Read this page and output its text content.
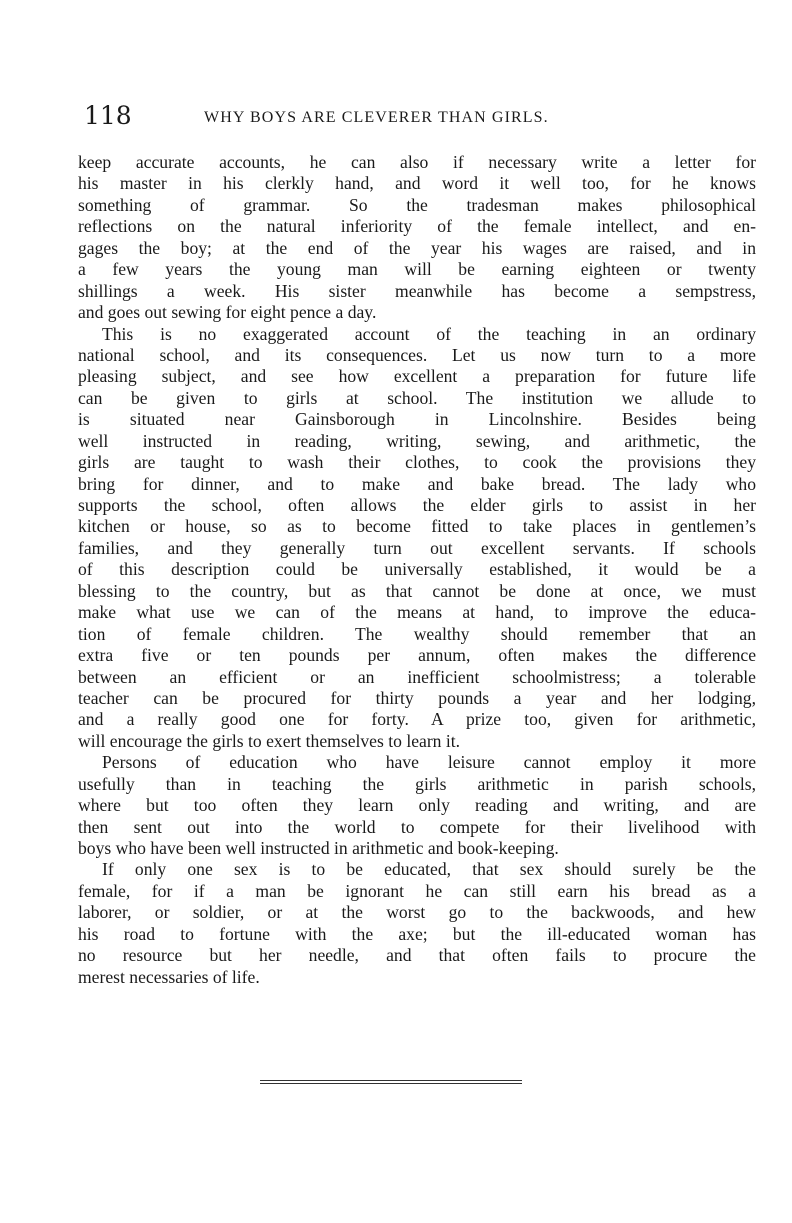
118	WHY BOYS ARE CLEVERER THAN GIRLS.
keep accurate accounts, he can also if necessary write a letter for
his master in his clerkly hand, and word it well too, for he knows
something of grammar. So the tradesman makes philosophical
reflections on the natural inferiority of the female intellect, and en-
gages the boy; at the end of the year his wages are raised, and in
a few years the young man will be earning eighteen or twenty
shillings a week. His sister meanwhile has become a sempstress,
and goes out sewing for eight pence a day.
This is no exaggerated account of the teaching in an ordinary
national school, and its consequences. Let us now turn to a more
pleasing subject, and see how excellent a preparation for future life
can be given to girls at school. The institution we allude to
is situated near Gainsborough in Lincolnshire. Besides being
well instructed in reading, writing, sewing, and arithmetic, the
girls are taught to wash their clothes, to cook the provisions they
bring for dinner, and to make and bake bread. The lady who
supports the school, often allows the elder girls to assist in her
kitchen or house, so as to become fitted to take places in gentlemen’s
families, and they generally turn out excellent servants. If schools
of this description could be universally established, it would be a
blessing to the country, but as that cannot be done at once, we must
make what use we can of the means at hand, to improve the educa-
tion of female children. The wealthy should remember that an
extra five or ten pounds per annum, often makes the difference
between an efficient or an inefficient schoolmistress; a tolerable
teacher can be procured for thirty pounds a year and her lodging,
and a really good one for forty. A prize too, given for arithmetic,
will encourage the girls to exert themselves to learn it.
Persons of education who have leisure cannot employ it more
usefully than in teaching the girls arithmetic in parish schools,
where but too often they learn only reading and writing, and are
then sent out into the world to compete for their livelihood with
boys who have been well instructed in arithmetic and book-keeping.
If only one sex is to be educated, that sex should surely be the
female, for if a man be ignorant he can still earn his bread as a
laborer, or soldier, or at the worst go to the backwoods, and hew
his road to fortune with the axe; but the ill-educated woman has
no resource but her needle, and that often fails to procure the
merest necessaries of life.
